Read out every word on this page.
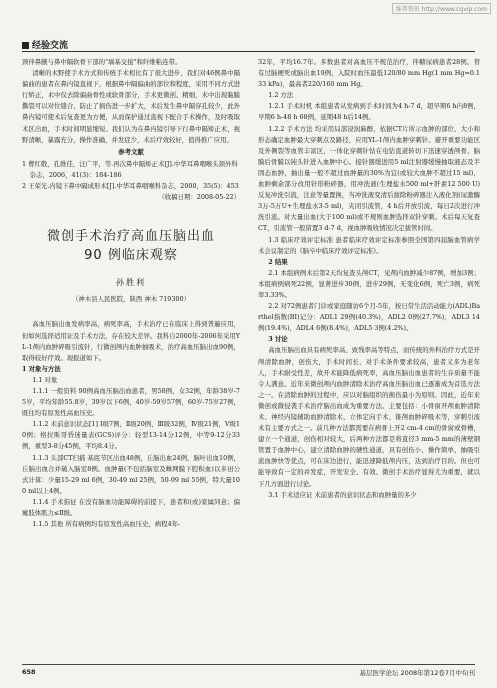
维普资讯 http://www.cqvip.com
经验交流

颈伴鼻腋与鼻中隔软骨下部的"墙基交接"和纤维粘连带。

清晰的术野使手术方式和传统手术相比有了很大进步，我们对46例鼻中隔偏曲的患者在鼻内镜直视下，根据鼻中隔偏曲的部位和程度，采用不同方式进行矫正，术中仅去除偏曲骨性或软骨部分，手术更微创、精细，术中出现黏膜撕裂可以对位缝合，防止了损伤进一步扩大，术后发生鼻中隔穿孔较少，此外鼻内镜可使术后复查更为方便，从而保护通过直视下配合手术操作，及时吸取术区出血，手术时间明显缩短。我们认为在鼻内镜引导下行鼻中隔矫正术，视野清晰，暴露充分，操作准确，并发症少，术后疗效较好，值得推广应用。

参考文献

1 曹红敬，孔维佳，汪广平，等.再次鼻中隔矫正术[J].中华耳鼻咽喉头颈外科杂志，2006，41(3)：184-186

2 王荣光.内镜下鼻中隔成形术[J].中华耳鼻咽喉科杂志，2000，35(5)：453

（收稿日期：2008-05-22）

微创手术治疗高血压脑出血
90 例临床观察
孙胜利
（神木县人民医院，陕西 神木 719300）

高血压脑出血发病率高，病死率高，手术治疗已在临床上得到普遍应用，但如何选择适用证及手术方法，存在较大差异。我科自2000年-2006年采用YL-1颅内血肿碎吸引流针，行微创颅内血肿抽吸术，治疗高血压脑出血90例，取得较好疗效。现报道如下。

1 对象与方法

1.1 对象

1.1.1 一般资料 90例高血压脑出血患者，男58例，女32例，年龄38岁-75岁，平均年龄55.8岁，39岁以下6例，40岁-59岁57例，60岁-75岁27例，既往均有原发性高血压史。

1.1.2 术前意识状态[1] Ⅰ级7例，Ⅱ级20例，Ⅲ级32例，Ⅳ级21例，Ⅴ级10例；格拉斯哥昏迷量表(GCS)评分：轻型13-14分12例，中等9-12分33例，重型3-8分45例，平均8.4分。

1.1.3 头部CT扫描 基底节区出血48例，丘脑出血24例，脑叶出血10例，丘脑出血合并破入脑室8例。血肿量(不包括脑室及蛛网膜下腔积血)以多田公式计算：少量15-29 ml 6例，30-49 ml 25例，50-99 ml 55例，特大量100 ml以上4例。

1.1.4 手术指征 在没有脑血功能障碍的前提下，患者和(或)家属同意；偏瘫肢体肌力≤Ⅱ级。

1.1.5 其他 所有病例均有原发性高血压史，病程4年-

32年，平均16.7年。多数患者对高血压不规范治疗，伴糖尿病患者28例。替有过脑梗死或脑出血19例，入院时血压最低120/80 mm Hg(1 mm Hg=0.133 kPa)，最高者220/160 mm Hg。

1.2 方法

1.2.1 手术时机 本组患者从发病到手术时间为4 h-7 d，超早期6 h内8例，早期6 h-48 h 68例，延期48 h后14例。

1.2.2 手术方法 均采用局部浸润麻醉，依据CT片所示血肿的部位、大小和形态确定血肿最大穿刺点及路径，应用YL-1颅内血肿穿刺针。避开重要功能区及外侧裂等血管丰富区，一体化穿刺针钻在电钻直道转切下迅速穿透颅骨、脑膜后骨膜以钝头针进入血肿中心。接针器缓进用5 ml注射器缓慢抽取液态及半固态血肿，抽出量一般不超过血肿量的30%为宜(或较大血肿不超过15 ml)，血肿剩余部分改用针形粉碎器，用冲洗液(生理盐水500 ml+肝素12 500 U)反复冲洗引流，注意等量置换，当冲洗液变清后拔除粉碎器注入液化剂(尿激酶3万-5万U+生理盐水3-5 ml)，夹闭引流管，4 h后开放引流，每日2次进行冲洗引流。对大量出血(大于100 ml)或不规则血肿选择双针穿刺。术后每天复查CT，引流管一般留置3 d-7 d，视血肿吸收情况决定拔管时间。

1.3 临床疗效评定标准 患者临床疗效评定标准参照全国第四届脑血管病学术会议制定的《脑卒中临床疗效评定标准》。

2 结果

2.1 本组病例术后第2天均复查头颅CT，见颅内血肿减少87例，增加3例；本组病例病死22例，显著进步30例，进步29例，无变化6例，死亡3例，病死率3.33%。

2.2 对72例患者门诊或家庭随访6个月-5年，按日常生活活动能力(ADL)Barthel指数(BI)记分：ADL1 29例(40.3%)，ADL2 0例(27.7%)，ADL3 14例(19.4%)，ADL4 6例(8.4%)，ADL5 3例(4.2%)。

3 讨论

高血压脑出血具有病死率高、致残率高等特点，而传统的外科治疗方式是开颅清除血肿，创伤大，手术时间长，对手术条件要求较高，患者又多为老年人，手术耐受性差，故开术能降低病死率，高血压脑出血患者的生存质量不能令人满意。近年来微创颅内血肿清除术治疗高血压脑出血已逐渐成为首选方法之一。在清除血肿的过程中，应以对脑组织的损伤最小为原则。因此，近年来微创或微侵袭手术治疗脑出血成为重要方法。主要包括：小骨窗开颅血肿清除术、神经内镜辅助血肿清除术、立体定向手术、锥颅血肿碎吸术等，穿刺引流术有主要方式之一。前几种方法都需要在病骨上开2 cm-4 cm的骨窗或骨槽，建立一个通道，创伤相对较大，后两种方法都是将直径3 mm-5 mm的薄壁钢管置于血肿中心，建立清除血肿的硬性通道，具有创伤小、操作简单、抽吸引流血肿快等优点，可在床边进行，能迅速降低颅内压，达到治疗目的。但也可能导致有一定的并发症，开发安全、有效、微创手术治疗显得尤为重要，就以下几方面进行讨论。

3.1 手术适应证 术前患者的意识状态和血肿量的多少

658	基层医学论坛 2008年第12卷7月中旬刊
